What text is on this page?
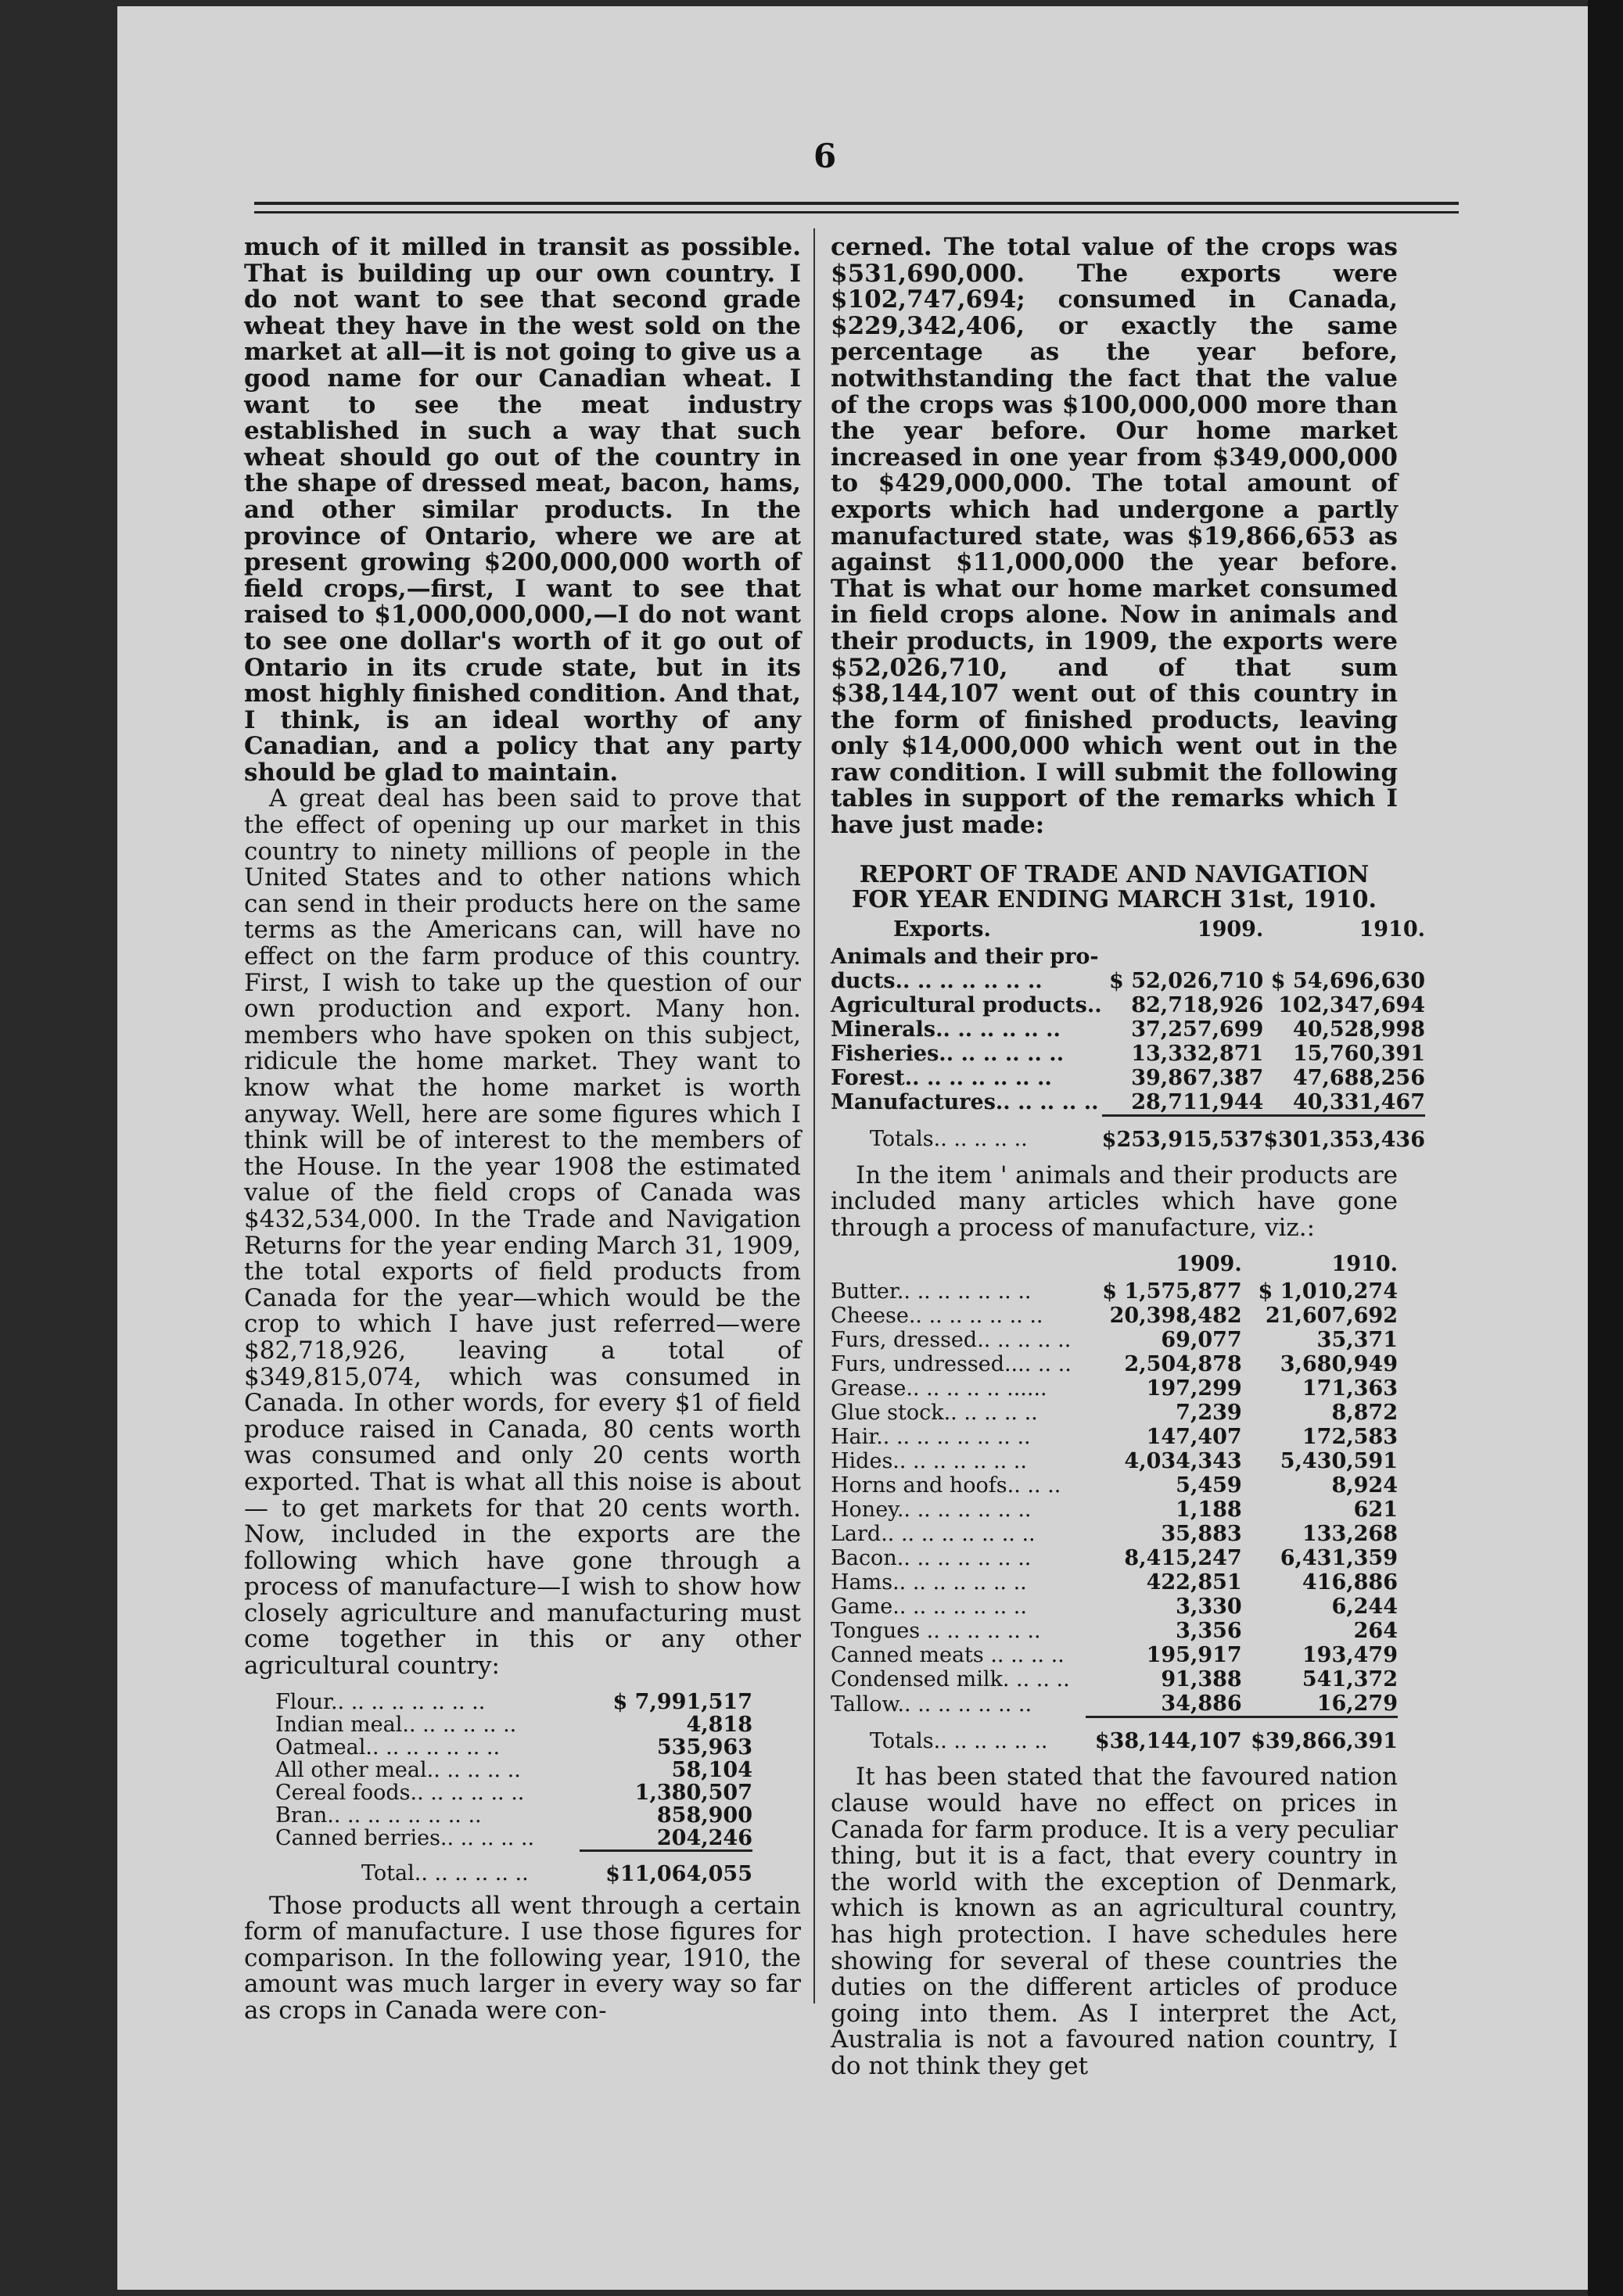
6

much of it milled in transit as possible. That is building up our own country. I do not want to see that second grade wheat they have in the west sold on the market at all—it is not going to give us a good name for our Canadian wheat. I want to see the meat industry established in such a way that such wheat should go out of the country in the shape of dressed meat, bacon, hams, and other similar products. In the province of Ontario, where we are at present growing $200,000,000 worth of field crops,—first, I want to see that raised to $1,000,000,000,—I do not want to see one dollar's worth of it go out of Ontario in its crude state, but in its most highly finished condition. And that, I think, is an ideal worthy of any Canadian, and a policy that any party should be glad to maintain.

A great deal has been said to prove that the effect of opening up our market in this country to ninety millions of people in the United States and to other nations which can send in their products here on the same terms as the Americans can, will have no effect on the farm produce of this country. First, I wish to take up the question of our own production and export. Many hon. members who have spoken on this subject, ridicule the home market. They want to know what the home market is worth anyway. Well, here are some figures which I think will be of interest to the members of the House. In the year 1908 the estimated value of the field crops of Canada was $432,534,000. In the Trade and Navigation Returns for the year ending March 31, 1909, the total exports of field products from Canada for the year—which would be the crop to which I have just referred—were $82,718,926, leaving a total of $349,815,074, which was consumed in Canada. In other words, for every $1 of field produce raised in Canada, 80 cents worth was consumed and only 20 cents worth exported. That is what all this noise is about— to get markets for that 20 cents worth. Now, included in the exports are the following which have gone through a process of manufacture—I wish to show how closely agriculture and manufacturing must come together in this or any other agricultural country:

Flour.. .. .. .. .. .. .. ..	$ 7,991,517
Indian meal.. .. .. .. .. ..	4,818
Oatmeal.. .. .. .. .. .. ..	535,963
All other meal.. .. .. .. ..	58,104
Cereal foods.. .. .. .. .. ..	1,380,507
Bran.. .. .. .. .. .. .. ..	858,900
Canned berries.. .. .. .. ..	204,246
Total.. .. .. .. .. ..	$11,064,055

Those products all went through a certain form of manufacture. I use those figures for comparison. In the following year, 1910, the amount was much larger in every way so far as crops in Canada were con-

cerned. The total value of the crops was $531,690,000. The exports were $102,747,694; consumed in Canada, $229,342,406, or exactly the same percentage as the year before, notwithstanding the fact that the value of the crops was $100,000,000 more than the year before. Our home market increased in one year from $349,000,000 to $429,000,000. The total amount of exports which had undergone a partly manufactured state, was $19,866,653 as against $11,000,000 the year before. That is what our home market consumed in field crops alone. Now in animals and their products, in 1909, the exports were $52,026,710, and of that sum $38,144,107 went out of this country in the form of finished products, leaving only $14,000,000 which went out in the raw condition. I will submit the following tables in support of the remarks which I have just made:

REPORT OF TRADE AND NAVIGATION FOR YEAR ENDING MARCH 31st, 1910.
Exports.	1909.	1910.
Animals and their pro-		
ducts.. .. .. .. .. .. ..	$ 52,026,710	$ 54,696,630
Agricultural products..	82,718,926	102,347,694
Minerals.. .. .. .. .. ..	37,257,699	40,528,998
Fisheries.. .. .. .. .. ..	13,332,871	15,760,391
Forest.. .. .. .. .. .. ..	39,867,387	47,688,256
Manufactures.. .. .. .. ..	28,711,944	40,331,467
Totals.. .. .. .. ..	$253,915,537	$301,353,436

In the item ' animals and their products are included many articles which have gone through a process of manufacture, viz.:

	1909.	1910.
Butter.. .. .. .. .. .. ..	$ 1,575,877	$ 1,010,274
Cheese.. .. .. .. .. .. ..	20,398,482	21,607,692
Furs, dressed.. .. .. .. ..	69,077	35,371
Furs, undressed.... .. ..	2,504,878	3,680,949
Grease.. .. .. .. .. ......	197,299	171,363
Glue stock.. .. .. .. ..	7,239	8,872
Hair.. .. .. .. .. .. .. ..	147,407	172,583
Hides.. .. .. .. .. .. ..	4,034,343	5,430,591
Horns and hoofs.. .. ..	5,459	8,924
Honey.. .. .. .. .. .. ..	1,188	621
Lard.. .. .. .. .. .. .. ..	35,883	133,268
Bacon.. .. .. .. .. .. ..	8,415,247	6,431,359
Hams.. .. .. .. .. .. ..	422,851	416,886
Game.. .. .. .. .. .. ..	3,330	6,244
Tongues .. .. .. .. .. ..	3,356	264
Canned meats .. .. .. ..	195,917	193,479
Condensed milk. .. .. ..	91,388	541,372
Tallow.. .. .. .. .. .. ..	34,886	16,279
Totals.. .. .. .. .. ..	$38,144,107	$39,866,391

It has been stated that the favoured nation clause would have no effect on prices in Canada for farm produce. It is a very peculiar thing, but it is a fact, that every country in the world with the exception of Denmark, which is known as an agricultural country, has high protection. I have schedules here showing for several of these countries the duties on the different articles of produce going into them. As I interpret the Act, Australia is not a favoured nation country, I do not think they get
